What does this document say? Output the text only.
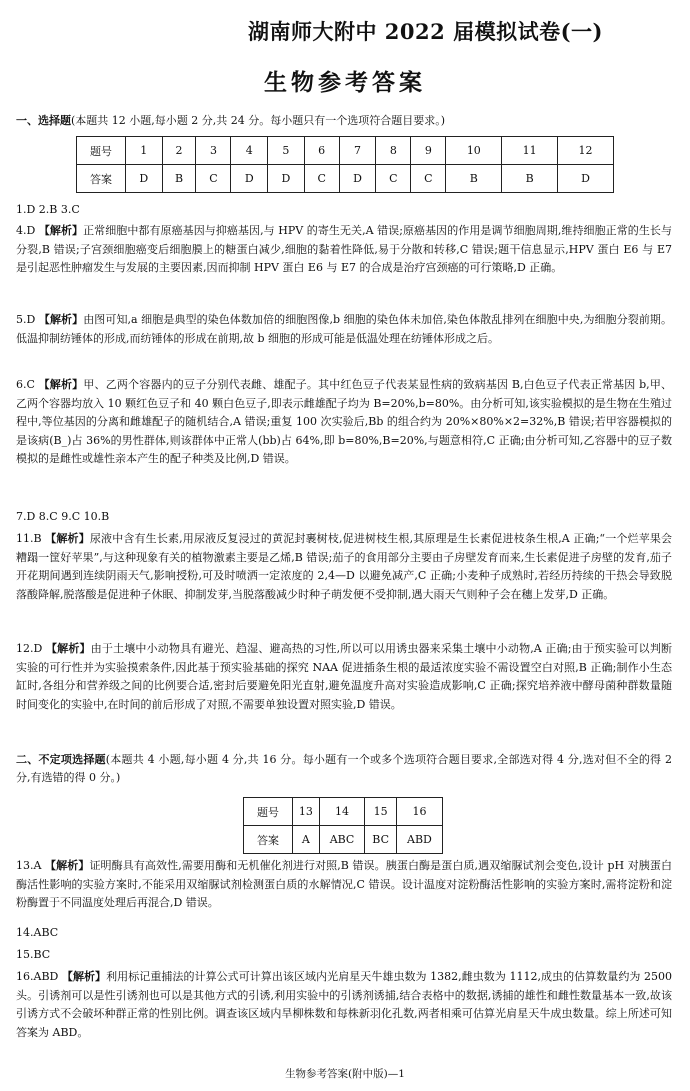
湖南师大附中 2022 届模拟试卷(一)
生物参考答案
一、选择题(本题共 12 小题,每小题 2 分,共 24 分。每小题只有一个选项符合题目要求。)
题号	1	2	3	4	5	6	7	8	9	10	11	12
答案	D	B	C	D	D	C	D	C	C	B	B	D
1.D 2.B 3.C
4.D 【解析】正常细胞中都有原癌基因与抑癌基因,与 HPV 的寄生无关,A 错误;原癌基因的作用是调节细胞周期,维持细胞正常的生长与分裂,B 错误;子宫颈细胞癌变后细胞膜上的糖蛋白减少,细胞的黏着性降低,易于分散和转移,C 错误;题干信息显示,HPV 蛋白 E6 与 E7 是引起恶性肿瘤发生与发展的主要因素,因而抑制 HPV 蛋白 E6 与 E7 的合成是治疗宫颈癌的可行策略,D 正确。
5.D 【解析】由图可知,a 细胞是典型的染色体数加倍的细胞图像,b 细胞的染色体未加倍,染色体散乱排列在细胞中央,为细胞分裂前期。低温抑制纺锤体的形成,而纺锤体的形成在前期,故 b 细胞的形成可能是低温处理在纺锤体形成之后。
6.C 【解析】甲、乙两个容器内的豆子分别代表雌、雄配子。其中红色豆子代表某显性病的致病基因 B,白色豆子代表正常基因 b,甲、乙两个容器均放入 10 颗红色豆子和 40 颗白色豆子,即表示雌雄配子均为 B=20%,b=80%。由分析可知,该实验模拟的是生物在生殖过程中,等位基因的分离和雌雄配子的随机结合,A 错误;重复 100 次实验后,Bb 的组合约为 20%×80%×2=32%,B 错误;若甲容器模拟的是该病(B_)占 36%的男性群体,则该群体中正常人(bb)占 64%,即 b=80%,B=20%,与题意相符,C 正确;由分析可知,乙容器中的豆子数模拟的是雌性或雄性亲本产生的配子种类及比例,D 错误。
7.D 8.C 9.C 10.B
11.B 【解析】尿液中含有生长素,用尿液反复浸过的黄泥封裹树枝,促进树枝生根,其原理是生长素促进枝条生根,A 正确;“一个烂苹果会糟蹋一筐好苹果”,与这种现象有关的植物激素主要是乙烯,B 错误;茄子的食用部分主要由子房壁发育而来,生长素促进子房壁的发育,茄子开花期间遇到连续阴雨天气,影响授粉,可及时喷洒一定浓度的 2,4—D 以避免减产,C 正确;小麦种子成熟时,若经历持续的干热会导致脱落酸降解,脱落酸是促进种子休眠、抑制发芽,当脱落酸减少时种子萌发便不受抑制,遇大雨天气则种子会在穗上发芽,D 正确。
12.D 【解析】由于土壤中小动物具有避光、趋湿、避高热的习性,所以可以用诱虫器来采集土壤中小动物,A 正确;由于预实验可以判断实验的可行性并为实验摸索条件,因此基于预实验基础的探究 NAA 促进插条生根的最适浓度实验不需设置空白对照,B 正确;制作小生态缸时,各组分和营养级之间的比例要合适,密封后要避免阳光直射,避免温度升高对实验造成影响,C 正确;探究培养液中酵母菌种群数量随时间变化的实验中,在时间的前后形成了对照,不需要单独设置对照实验,D 错误。
二、不定项选择题(本题共 4 小题,每小题 4 分,共 16 分。每小题有一个或多个选项符合题目要求,全部选对得 4 分,选对但不全的得 2 分,有选错的得 0 分。)
题号	13	14	15	16
答案	A	ABC	BC	ABD
13.A 【解析】证明酶具有高效性,需要用酶和无机催化剂进行对照,B 错误。胰蛋白酶是蛋白质,遇双缩脲试剂会变色,设计 pH 对胰蛋白酶活性影响的实验方案时,不能采用双缩脲试剂检测蛋白质的水解情况,C 错误。设计温度对淀粉酶活性影响的实验方案时,需将淀粉和淀粉酶置于不同温度处理后再混合,D 错误。
14.ABC
15.BC
16.ABD 【解析】利用标记重捕法的计算公式可计算出该区域内光肩星天牛雄虫数为 1382,雌虫数为 1112,成虫的估算数量约为 2500 头。引诱剂可以是性引诱剂也可以是其他方式的引诱,利用实验中的引诱剂诱捕,结合表格中的数据,诱捕的雄性和雌性数量基本一致,故该引诱方式不会破坏种群正常的性别比例。调查该区域内旱柳株数和每株新羽化孔数,两者相乘可估算光肩星天牛成虫数量。综上所述可知答案为 ABD。
生物参考答案(附中版)—1
